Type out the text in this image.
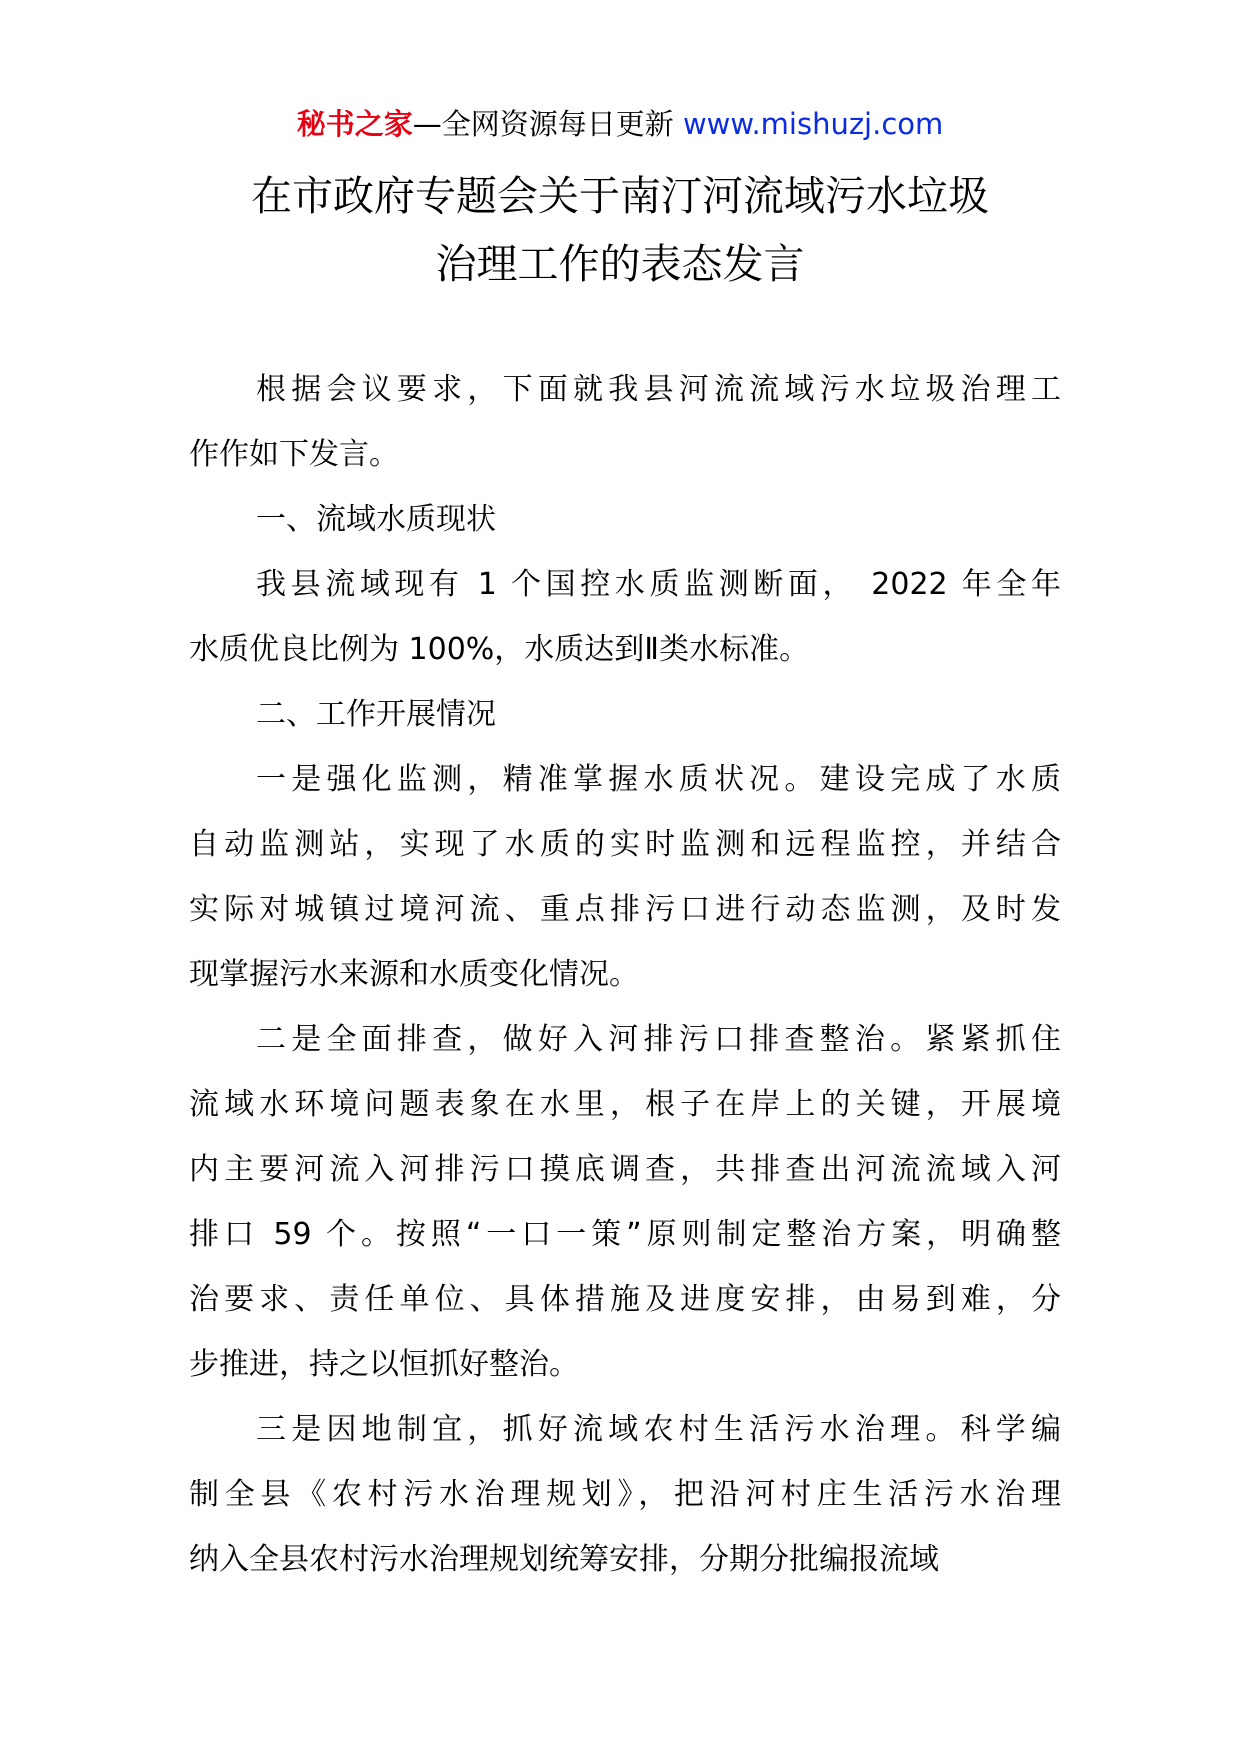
秘书之家—全网资源每日更新 www.mishuzj.com
在市政府专题会关于南汀河流域污水垃圾
治理工作的表态发言

根据会议要求，下面就我县河流流域污水垃圾治理工
作作如下发言。

一、流域水质现状

我县流域现有 1 个国控水质监测断面， 2022 年全年
水质优良比例为 100%，水质达到Ⅱ类水标准。

二、工作开展情况

一是强化监测，精准掌握水质状况。建设完成了水质
自动监测站，实现了水质的实时监测和远程监控，并结合
实际对城镇过境河流、重点排污口进行动态监测，及时发
现掌握污水来源和水质变化情况。

二是全面排查，做好入河排污口排查整治。紧紧抓住
流域水环境问题表象在水里，根子在岸上的关键，开展境
内主要河流入河排污口摸底调查，共排查出河流流域入河
排口 59 个。按照“一口一策”原则制定整治方案，明确整
治要求、责任单位、具体措施及进度安排，由易到难，分
步推进，持之以恒抓好整治。

三是因地制宜，抓好流域农村生活污水治理。科学编
制全县《农村污水治理规划》，把沿河村庄生活污水治理
纳入全县农村污水治理规划统筹安排，分期分批编报流域
